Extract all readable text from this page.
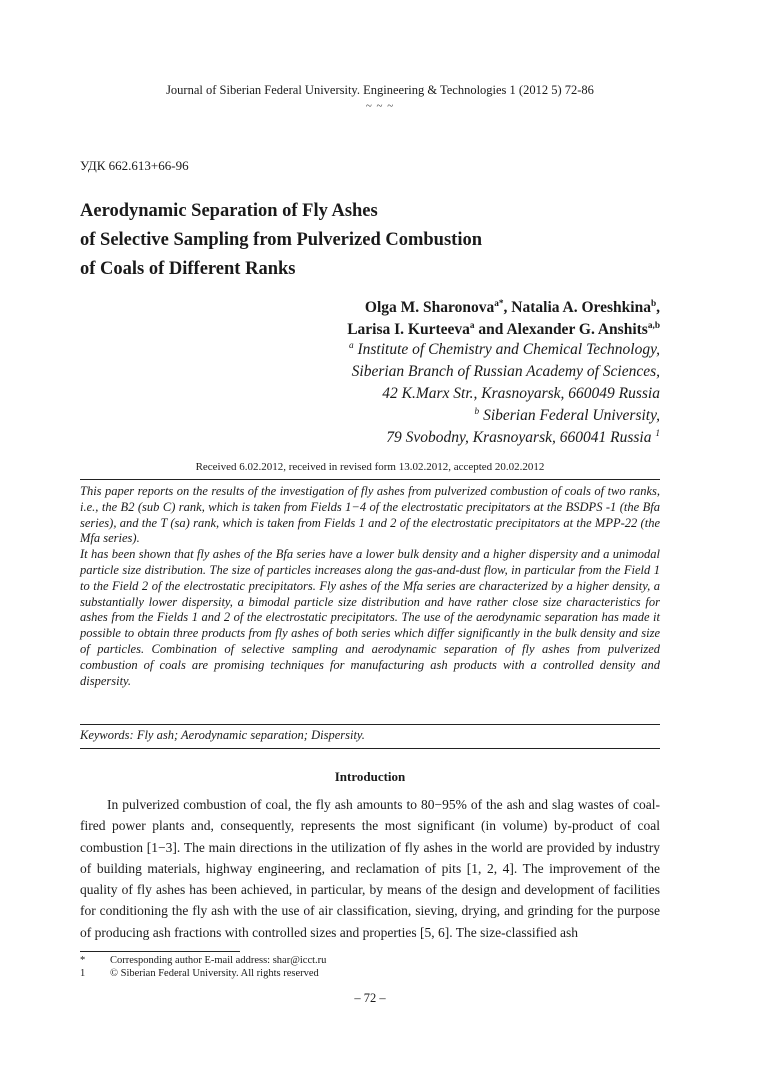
Journal of Siberian Federal University. Engineering & Technologies 1 (2012 5) 72-86
~ ~ ~
УДК 662.613+66-96
Aerodynamic Separation of Fly Ashes
of Selective Sampling from Pulverized Combustion
of Coals of Different Ranks
Olga M. Sharonova$^{a*}$, Natalia A. Oreshkina$^b$,
Larisa I. Kurteeva$^a$ and Alexander G. Anshits$^{a,b}$
$^a$ Institute of Chemistry and Chemical Technology,
Siberian Branch of Russian Academy of Sciences,
42 K.Marx Str., Krasnoyarsk, 660049 Russia
$^b$ Siberian Federal University,
79 Svobodny, Krasnoyarsk, 660041 Russia $^1$
Received 6.02.2012, received in revised form 13.02.2012, accepted 20.02.2012

This paper reports on the results of the investigation of fly ashes from pulverized combustion of coals of two ranks, i.e., the B2 (sub C) rank, which is taken from Fields 1−4 of the electrostatic precipitators at the BSDPS -1 (the Bfa series), and the T (sa) rank, which is taken from Fields 1 and 2 of the electrostatic precipitators at the MPP-22 (the Mfa series).

It has been shown that fly ashes of the Bfa series have a lower bulk density and a higher dispersity and a unimodal particle size distribution. The size of particles increases along the gas-and-dust flow, in particular from the Field 1 to the Field 2 of the electrostatic precipitators. Fly ashes of the Mfa series are characterized by a higher density, a substantially lower dispersity, a bimodal particle size distribution and have rather close size characteristics for ashes from the Fields 1 and 2 of the electrostatic precipitators. The use of the aerodynamic separation has made it possible to obtain three products from fly ashes of both series which differ significantly in the bulk density and size of particles. Combination of selective sampling and aerodynamic separation of fly ashes from pulverized combustion of coals are promising techniques for manufacturing ash products with a controlled density and dispersity.

Keywords: Fly ash; Aerodynamic separation; Dispersity.
Introduction

In pulverized combustion of coal, the fly ash amounts to 80−95% of the ash and slag wastes of coal-fired power plants and, consequently, represents the most significant (in volume) by-product of coal combustion [1−3]. The main directions in the utilization of fly ashes in the world are provided by industry of building materials, highway engineering, and reclamation of pits [1, 2, 4]. The improvement of the quality of fly ashes has been achieved, in particular, by means of the design and development of facilities for conditioning the fly ash with the use of air classification, sieving, drying, and grinding for the purpose of producing ash fractions with controlled sizes and properties [5, 6]. The size-classified ash

* Corresponding author E-mail address: shar@icct.ru
1 © Siberian Federal University. All rights reserved
– 72 –
